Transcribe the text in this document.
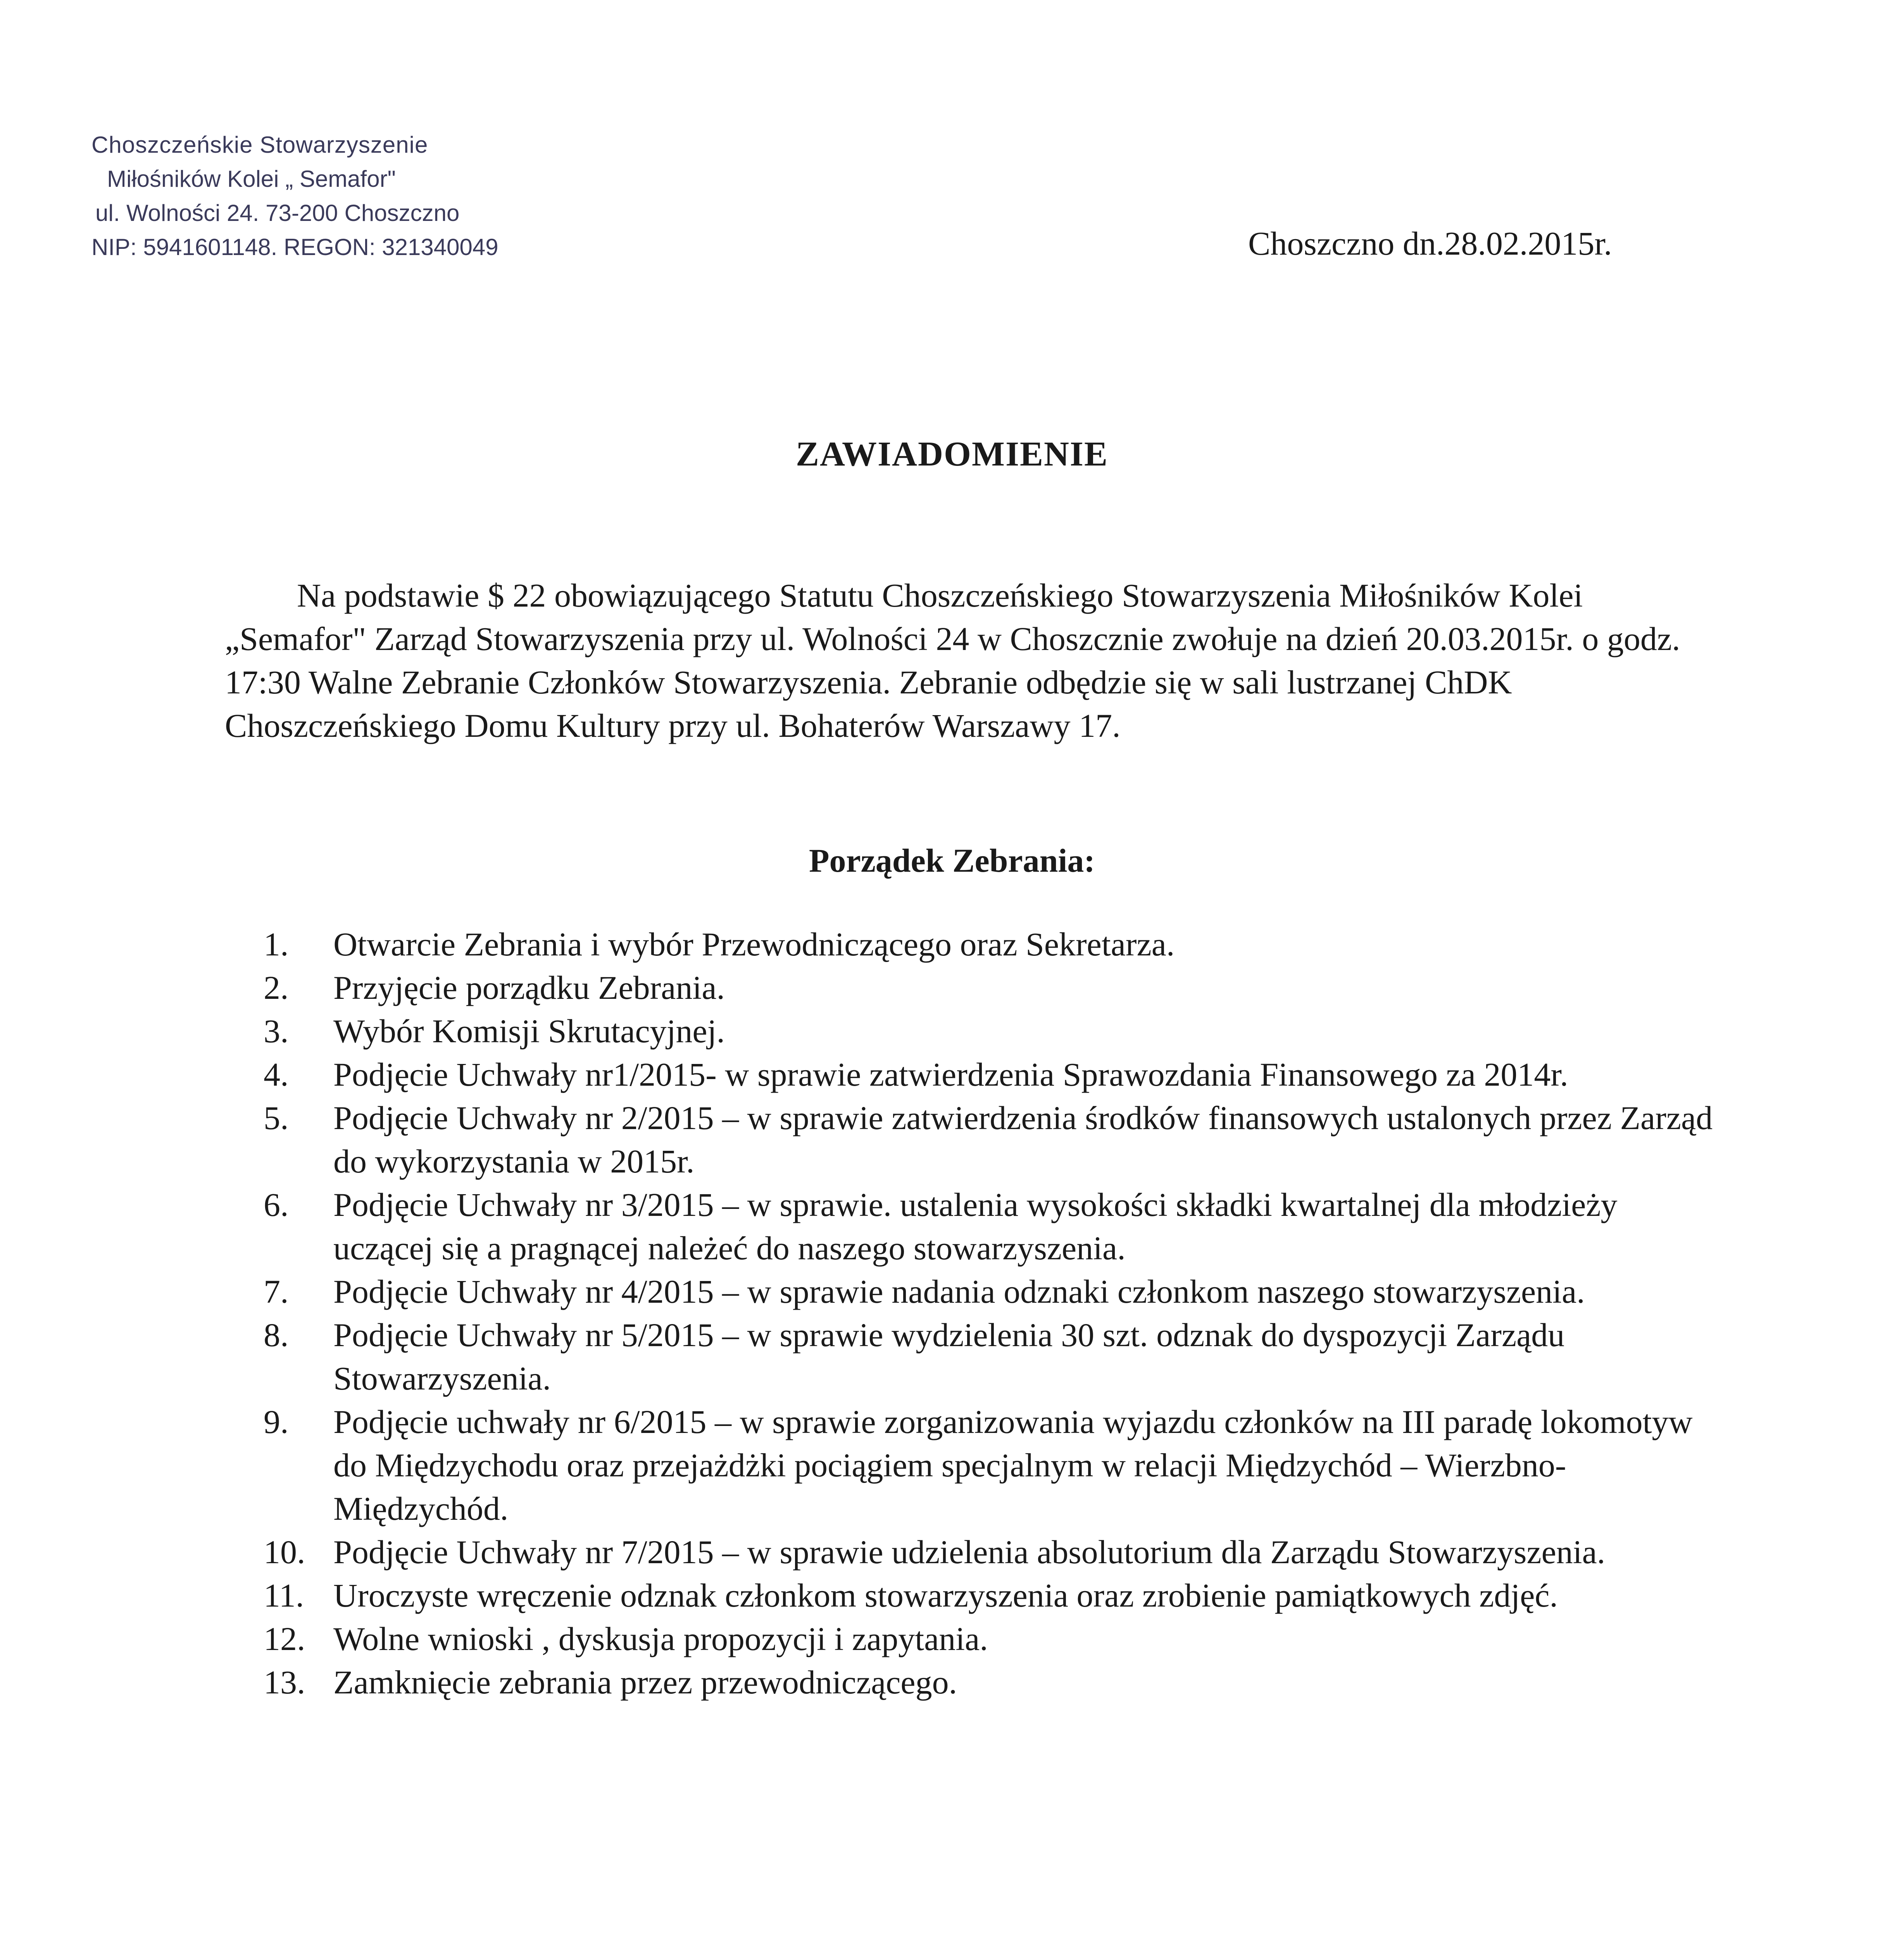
Choszczeńskie Stowarzyszenie
Miłośników Kolei „ Semafor"
ul. Wolności 24. 73-200 Choszczno
NIP: 5941601148. REGON: 321340049	Choszczno dn.28.02.2015r.
ZAWIADOMIENIE
Na podstawie $ 22 obowiązującego Statutu Choszczeńskiego Stowarzyszenia Miłośników Kolei „Semafor" Zarząd Stowarzyszenia przy ul. Wolności 24 w Choszcznie zwołuje na dzień 20.03.2015r. o godz. 17:30 Walne Zebranie Członków Stowarzyszenia. Zebranie odbędzie się w sali lustrzanej ChDK Choszczeńskiego Domu Kultury przy ul. Bohaterów Warszawy 17.
Porządek Zebrania:
1.	Otwarcie Zebrania i wybór Przewodniczącego oraz Sekretarza.
2.	Przyjęcie porządku Zebrania.
3.	Wybór Komisji Skrutacyjnej.
4.	Podjęcie Uchwały nr1/2015- w sprawie zatwierdzenia Sprawozdania Finansowego za 2014r.
5.	Podjęcie Uchwały nr 2/2015 – w sprawie zatwierdzenia środków finansowych ustalonych przez Zarząd do wykorzystania w 2015r.
6.	Podjęcie Uchwały nr 3/2015 – w sprawie. ustalenia wysokości składki kwartalnej dla młodzieży uczącej się a pragnącej należeć do naszego stowarzyszenia.
7.	Podjęcie Uchwały nr 4/2015 – w sprawie nadania odznaki członkom naszego stowarzyszenia.
8.	Podjęcie Uchwały nr 5/2015 – w sprawie wydzielenia 30 szt. odznak do dyspozycji Zarządu Stowarzyszenia.
9.	Podjęcie uchwały nr 6/2015 – w sprawie zorganizowania wyjazdu członków na III paradę lokomotyw do Międzychodu oraz przejażdżki pociągiem specjalnym w relacji Międzychód – Wierzbno- Międzychód.
10. Podjęcie Uchwały nr 7/2015 – w sprawie udzielenia absolutorium dla Zarządu Stowarzyszenia.
11. Uroczyste wręczenie odznak członkom stowarzyszenia oraz zrobienie pamiątkowych zdjęć.
12. Wolne wnioski , dyskusja propozycji i zapytania.
13. Zamknięcie zebrania przez przewodniczącego.
